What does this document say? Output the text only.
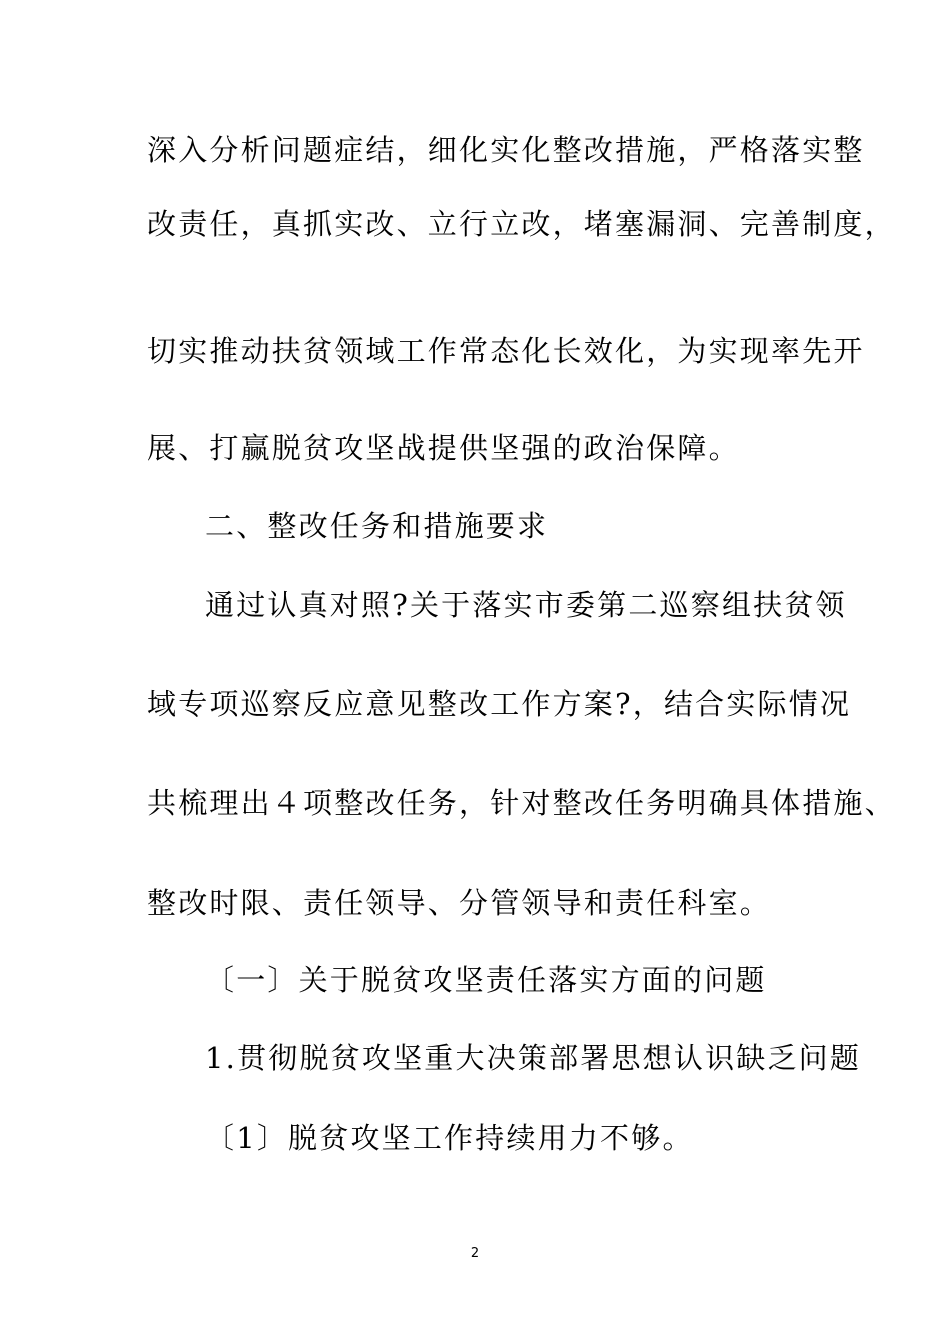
深入分析问题症结，细化实化整改措施，严格落实整
改责任，真抓实改、立行立改，堵塞漏洞、完善制度，
切实推动扶贫领域工作常态化长效化，为实现率先开
展、打赢脱贫攻坚战提供坚强的政治保障。
二、整改任务和措施要求
通过认真对照?关于落实市委第二巡察组扶贫领
域专项巡察反应意见整改工作方案?，结合实际情况
共梳理出４项整改任务，针对整改任务明确具体措施、
整改时限、责任领导、分管领导和责任科室。
〔一〕关于脱贫攻坚责任落实方面的问题
1.贯彻脱贫攻坚重大决策部署思想认识缺乏问题
〔1〕脱贫攻坚工作持续用力不够。
2
